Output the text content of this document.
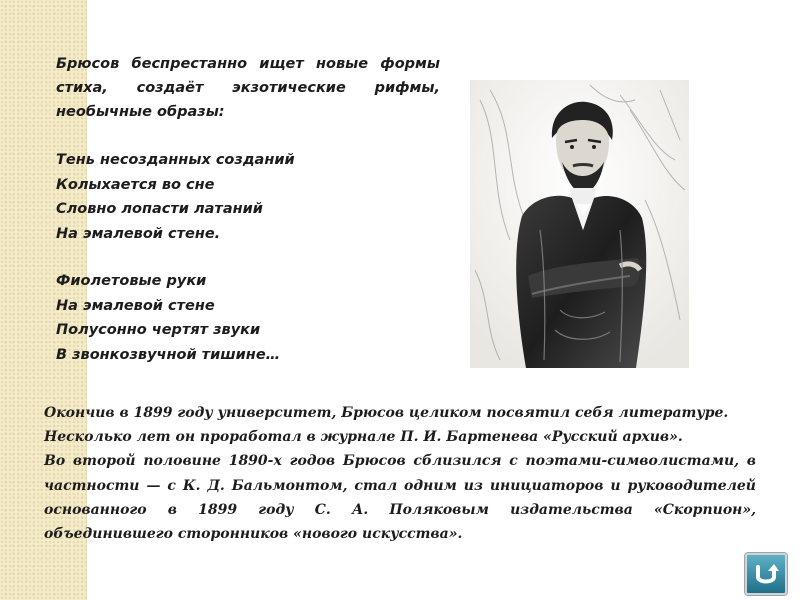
Брюсов беспрестанно ищет новые формы стиха, создаёт экзотические рифмы, необычные образы:
Тень несозданных созданий
Колыхается во сне
Словно лопасти латаний
На эмалевой стене.
Фиолетовые руки
На эмалевой стене
Полусонно чертят звуки
В звонкозвучной тишине…

Окончив в 1899 году университет, Брюсов целиком посвятил себя литературе.

Несколько лет он проработал в журнале П. И. Бартенева «Русский архив».

Во второй половине 1890-х годов Брюсов сблизился с поэтами-символистами, в частности — с К. Д. Бальмонтом, стал одним из инициаторов и руководителей основанного в 1899 году С. А. Поляковым издательства «Скорпион», объединившего сторонников «нового искусства».
